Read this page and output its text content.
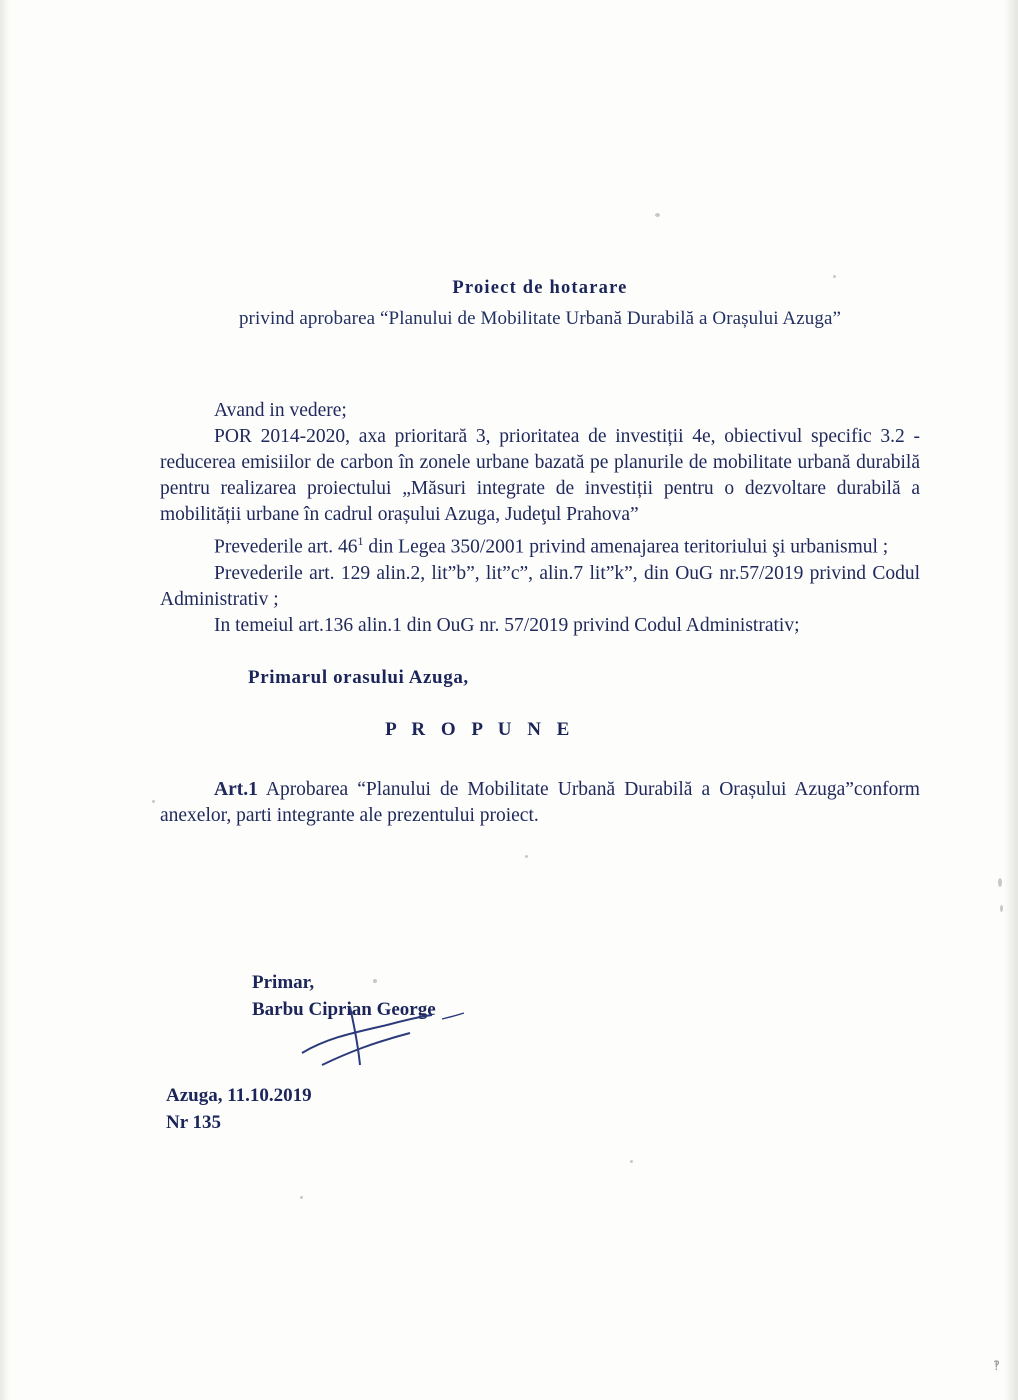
Proiect de hotarare
privind aprobarea “Planului de Mobilitate Urbană Durabilă a Orașului Azuga”

Avand in vedere;

POR 2014-2020, axa prioritară 3, prioritatea de investiții 4e, obiectivul specific 3.2 - reducerea emisiilor de carbon în zonele urbane bazată pe planurile de mobilitate urbană durabilă pentru realizarea proiectului „Măsuri integrate de investiții pentru o dezvoltare durabilă a mobilității urbane în cadrul orașului Azuga, Judeţul Prahova”

Prevederile art. $46^1$ din Legea 350/2001 privind amenajarea teritoriului şi urbanismul ;

Prevederile art. 129 alin.2, lit”b”, lit”c”, alin.7 lit”k”, din OuG nr.57/2019 privind Codul Administrativ ;

In temeiul art.136 alin.1 din OuG nr. 57/2019 privind Codul Administrativ;

Primarul orasului Azuga,
P R O P U N E

Art.1 Aprobarea “Planului de Mobilitate Urbană Durabilă a Orașului Azuga”conform anexelor, parti integrante ale prezentului proiect.

Primar,
Barbu Ciprian George
Azuga, 11.10.2019
Nr 135
‽
